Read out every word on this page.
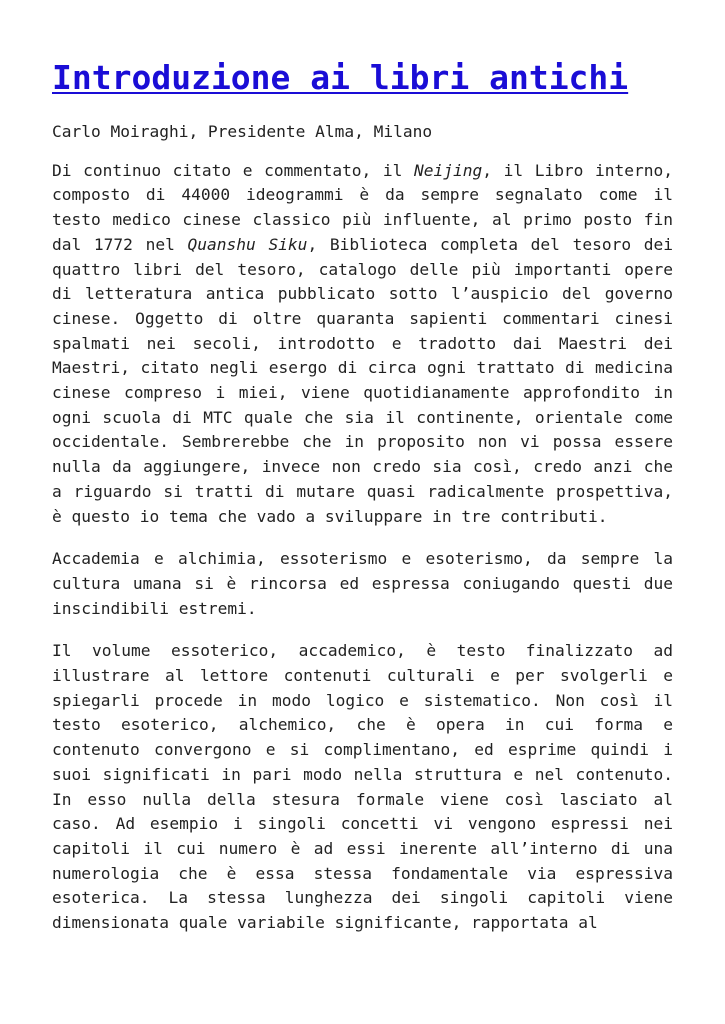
Introduzione ai libri antichi

Carlo Moiraghi, Presidente Alma, Milano

Di continuo citato e commentato, il Neijing, il Libro interno, composto di 44000 ideogrammi è da sempre segnalato come il testo medico cinese classico più influente, al primo posto fin dal 1772 nel Quanshu Siku, Biblioteca completa del tesoro dei quattro libri del tesoro, catalogo delle più importanti opere di letteratura antica pubblicato sotto l’auspicio del governo cinese. Oggetto di oltre quaranta sapienti commentari cinesi spalmati nei secoli, introdotto e tradotto dai Maestri dei Maestri, citato negli esergo di circa ogni trattato di medicina cinese compreso i miei, viene quotidianamente approfondito in ogni scuola di MTC quale che sia il continente, orientale come occidentale. Sembrerebbe che in proposito non vi possa essere nulla da aggiungere, invece non credo sia così, credo anzi che a riguardo si tratti di mutare quasi radicalmente prospettiva, è questo io tema che vado a sviluppare in tre contributi.

Accademia e alchimia, essoterismo e esoterismo, da sempre la cultura umana si è rincorsa ed espressa coniugando questi due inscindibili estremi.

Il volume essoterico, accademico, è testo finalizzato ad illustrare al lettore contenuti culturali e per svolgerli e spiegarli procede in modo logico e sistematico. Non così il testo esoterico, alchemico, che è opera in cui forma e contenuto convergono e si complimentano, ed esprime quindi i suoi significati in pari modo nella struttura e nel contenuto. In esso nulla della stesura formale viene così lasciato al caso. Ad esempio i singoli concetti vi vengono espressi nei capitoli il cui numero è ad essi inerente all’interno di una numerologia che è essa stessa fondamentale via espressiva esoterica. La stessa lunghezza dei singoli capitoli viene dimensionata quale variabile significante, rapportata al
